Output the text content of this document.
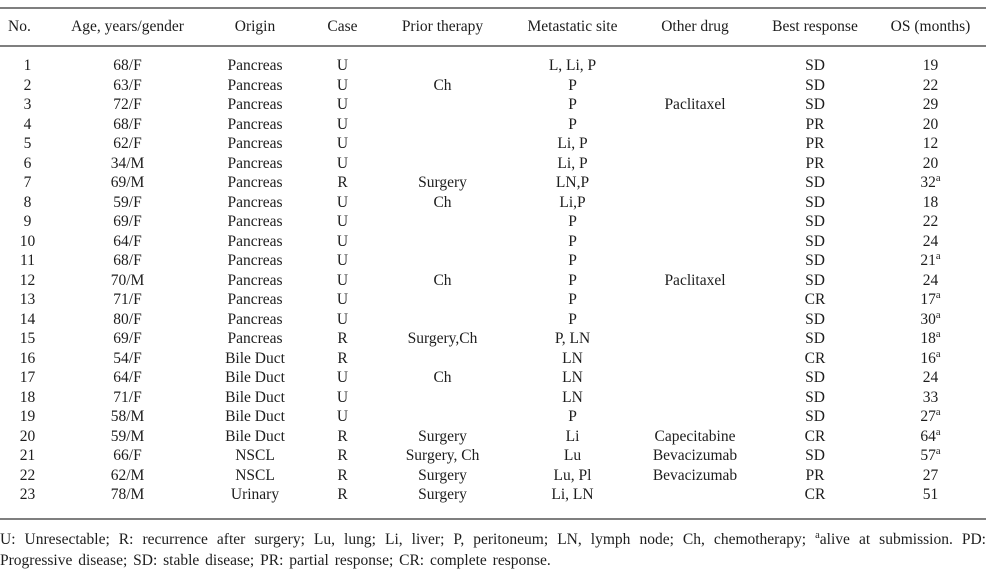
No.	Age, years/gender	Origin	Case	Prior therapy	Metastatic site	Other drug	Best response	OS (months)
1	68/F	Pancreas	U		L, Li, P		SD	19
2	63/F	Pancreas	U	Ch	P		SD	22
3	72/F	Pancreas	U		P	Paclitaxel	SD	29
4	68/F	Pancreas	U		P		PR	20
5	62/F	Pancreas	U		Li, P		PR	12
6	34/M	Pancreas	U		Li, P		PR	20
7	69/M	Pancreas	R	Surgery	LN,P		SD	32$^a$
8	59/F	Pancreas	U	Ch	Li,P		SD	18
9	69/F	Pancreas	U		P		SD	22
10	64/F	Pancreas	U		P		SD	24
11	68/F	Pancreas	U		P		SD	21$^a$
12	70/M	Pancreas	U	Ch	P	Paclitaxel	SD	24
13	71/F	Pancreas	U		P		CR	17$^a$
14	80/F	Pancreas	U		P		SD	30$^a$
15	69/F	Pancreas	R	Surgery,Ch	P, LN		SD	18$^a$
16	54/F	Bile Duct	R		LN		CR	16$^a$
17	64/F	Bile Duct	U	Ch	LN		SD	24
18	71/F	Bile Duct	U		LN		SD	33
19	58/M	Bile Duct	U		P		SD	27$^a$
20	59/M	Bile Duct	R	Surgery	Li	Capecitabine	CR	64$^a$
21	66/F	NSCL	R	Surgery, Ch	Lu	Bevacizumab	SD	57$^a$
22	62/M	NSCL	R	Surgery	Lu, Pl	Bevacizumab	PR	27
23	78/M	Urinary	R	Surgery	Li, LN		CR	51

U: Unresectable; R: recurrence after surgery; Lu, lung; Li, liver; P, peritoneum; LN, lymph node; Ch, chemotherapy; $^a$alive at submission. PD: Progressive disease; SD: stable disease; PR: partial response; CR: complete response.
